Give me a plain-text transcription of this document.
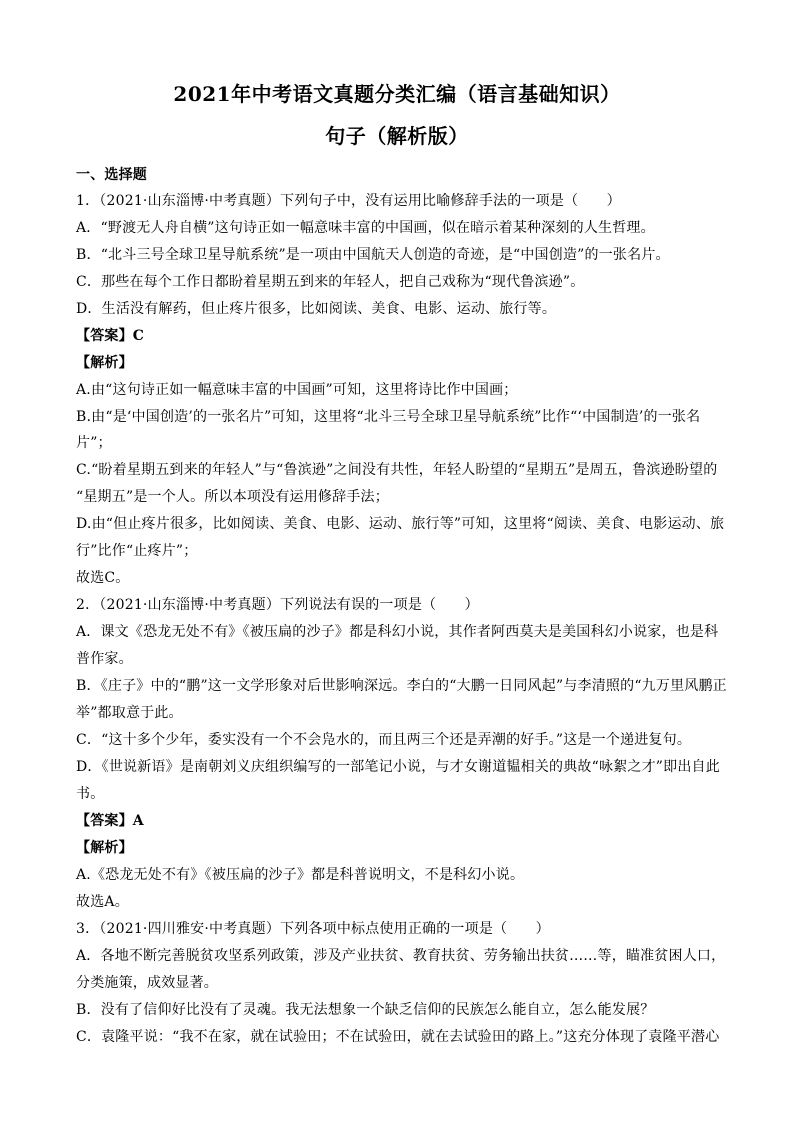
2021年中考语文真题分类汇编（语言基础知识）
句子（解析版）
一、选择题
1．（2021·山东淄博·中考真题）下列句子中，没有运用比喻修辞手法的一项是（　　）
A．“野渡无人舟自横”这句诗正如一幅意味丰富的中国画，似在暗示着某种深刻的人生哲理。
B．“北斗三号全球卫星导航系统”是一项由中国航天人创造的奇迹，是“中国创造”的一张名片。
C．那些在每个工作日都盼着星期五到来的年轻人，把自己戏称为“现代鲁滨逊”。
D．生活没有解药，但止疼片很多，比如阅读、美食、电影、运动、旅行等。
【答案】C
【解析】
A.由“这句诗正如一幅意味丰富的中国画”可知，这里将诗比作中国画；
B.由“是‘中国创造’的一张名片”可知，这里将“北斗三号全球卫星导航系统”比作“‘中国制造’的一张名
片”；
C.“盼着星期五到来的年轻人”与“鲁滨逊”之间没有共性，年轻人盼望的“星期五”是周五，鲁滨逊盼望的
“星期五”是一个人。所以本项没有运用修辞手法；
D.由“但止疼片很多，比如阅读、美食、电影、运动、旅行等”可知，这里将“阅读、美食、电影运动、旅
行”比作“止疼片”；
故选C。
2．（2021·山东淄博·中考真题）下列说法有误的一项是（　　）
A．课文《恐龙无处不有》《被压扁的沙子》都是科幻小说，其作者阿西莫夫是美国科幻小说家，也是科
普作家。
B．《庄子》中的“鹏”这一文学形象对后世影响深远。李白的“大鹏一日同风起”与李清照的“九万里风鹏正
举”都取意于此。
C．“这十多个少年，委实没有一个不会凫水的，而且两三个还是弄潮的好手。”这是一个递进复句。
D．《世说新语》是南朝刘义庆组织编写的一部笔记小说，与才女谢道韫相关的典故“咏絮之才”即出自此
书。
【答案】A
【解析】
A.《恐龙无处不有》《被压扁的沙子》都是科普说明文，不是科幻小说。
故选A。
3．（2021·四川雅安·中考真题）下列各项中标点使用正确的一项是（　　）
A．各地不断完善脱贫攻坚系列政策，涉及产业扶贫、教育扶贫、劳务输出扶贫……等，瞄准贫困人口，
分类施策，成效显著。
B．没有了信仰好比没有了灵魂。我无法想象一个缺乏信仰的民族怎么能自立，怎么能发展？
C．袁隆平说：“我不在家，就在试验田；不在试验田，就在去试验田的路上。”这充分体现了袁隆平潜心
